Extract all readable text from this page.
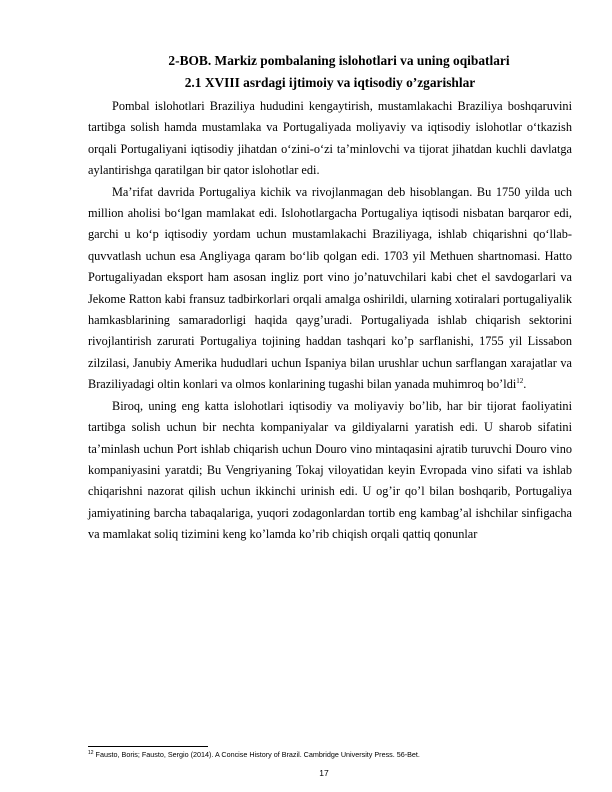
2-BOB. Markiz pombalaning islohotlari va uning oqibatlari

2.1 XVIII asrdagi ijtimoiy va iqtisodiy o’zgarishlar

Pombal islohotlari Braziliya hududini kengaytirish, mustamlakachi Braziliya boshqaruvini tartibga solish hamda mustamlaka va Portugaliyada moliyaviy va iqtisodiy islohotlar o‘tkazish orqali Portugaliyani iqtisodiy jihatdan o‘zini-o‘zi ta’minlovchi va tijorat jihatdan kuchli davlatga aylantirishga qaratilgan bir qator islohotlar edi.

Ma’rifat davrida Portugaliya kichik va rivojlanmagan deb hisoblangan. Bu 1750 yilda uch million aholisi bo‘lgan mamlakat edi. Islohotlargacha Portugaliya iqtisodi nisbatan barqaror edi, garchi u ko‘p iqtisodiy yordam uchun mustamlakachi Braziliyaga, ishlab chiqarishni qo‘llab-quvvatlash uchun esa Angliyaga qaram bo‘lib qolgan edi. 1703 yil Methuen shartnomasi. Hatto Portugaliyadan eksport ham asosan ingliz port vino jo’natuvchilari kabi chet el savdogarlari va Jekome Ratton kabi fransuz tadbirkorlari orqali amalga oshirildi, ularning xotiralari portugaliyalik hamkasblarining samaradorligi haqida qayg’uradi. Portugaliyada ishlab chiqarish sektorini rivojlantirish zarurati Portugaliya tojining haddan tashqari ko’p sarflanishi, 1755 yil Lissabon zilzilasi, Janubiy Amerika hududlari uchun Ispaniya bilan urushlar uchun sarflangan xarajatlar va Braziliyadagi oltin konlari va olmos konlarining tugashi bilan yanada muhimroq bo’ldi$^{12}$.

Biroq, uning eng katta islohotlari iqtisodiy va moliyaviy bo’lib, har bir tijorat faoliyatini tartibga solish uchun bir nechta kompaniyalar va gildiyalarni yaratish edi. U sharob sifatini ta’minlash uchun Port ishlab chiqarish uchun Douro vino mintaqasini ajratib turuvchi Douro vino kompaniyasini yaratdi; Bu Vengriyaning Tokaj viloyatidan keyin Evropada vino sifati va ishlab chiqarishni nazorat qilish uchun ikkinchi urinish edi. U og’ir qo’l bilan boshqarib, Portugaliya jamiyatining barcha tabaqalariga, yuqori zodagonlardan tortib eng kambag’al ishchilar sinfigacha va mamlakat soliq tizimini keng ko’lamda ko’rib chiqish orqali qattiq qonunlar

$^{12}$ Fausto, Boris; Fausto, Sergio (2014). A Concise History of Brazil. Cambridge University Press. 56-Bet.
17
